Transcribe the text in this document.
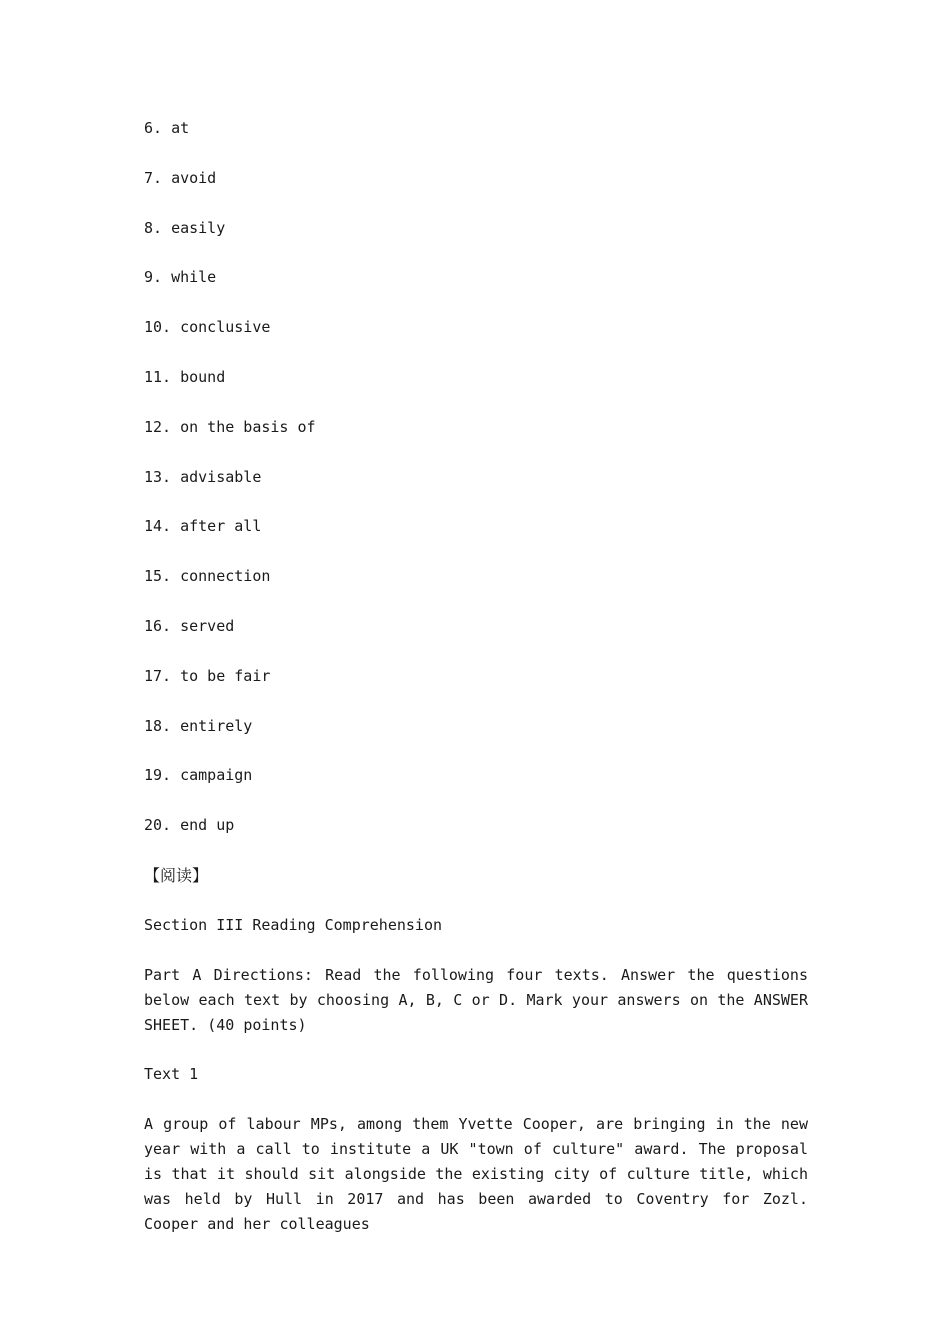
6. at
7. avoid
8. easily
9. while
10. conclusive
11. bound
12. on the basis of
13. advisable
14. after all
15. connection
16. served
17. to be fair
18. entirely
19. campaign
20. end up
【阅读】

Section III Reading Comprehension

Part A Directions: Read the following four texts. Answer the questions below each text by choosing A, B, C or D. Mark your answers on the ANSWER SHEET. (40 points)

Text 1

A group of labour MPs, among them Yvette Cooper, are bringing in the new year with a call to institute a UK "town of culture" award. The proposal is that it should sit alongside the existing city of culture title, which was held by Hull in 2017 and has been awarded to Coventry for Zozl. Cooper and her colleagues
